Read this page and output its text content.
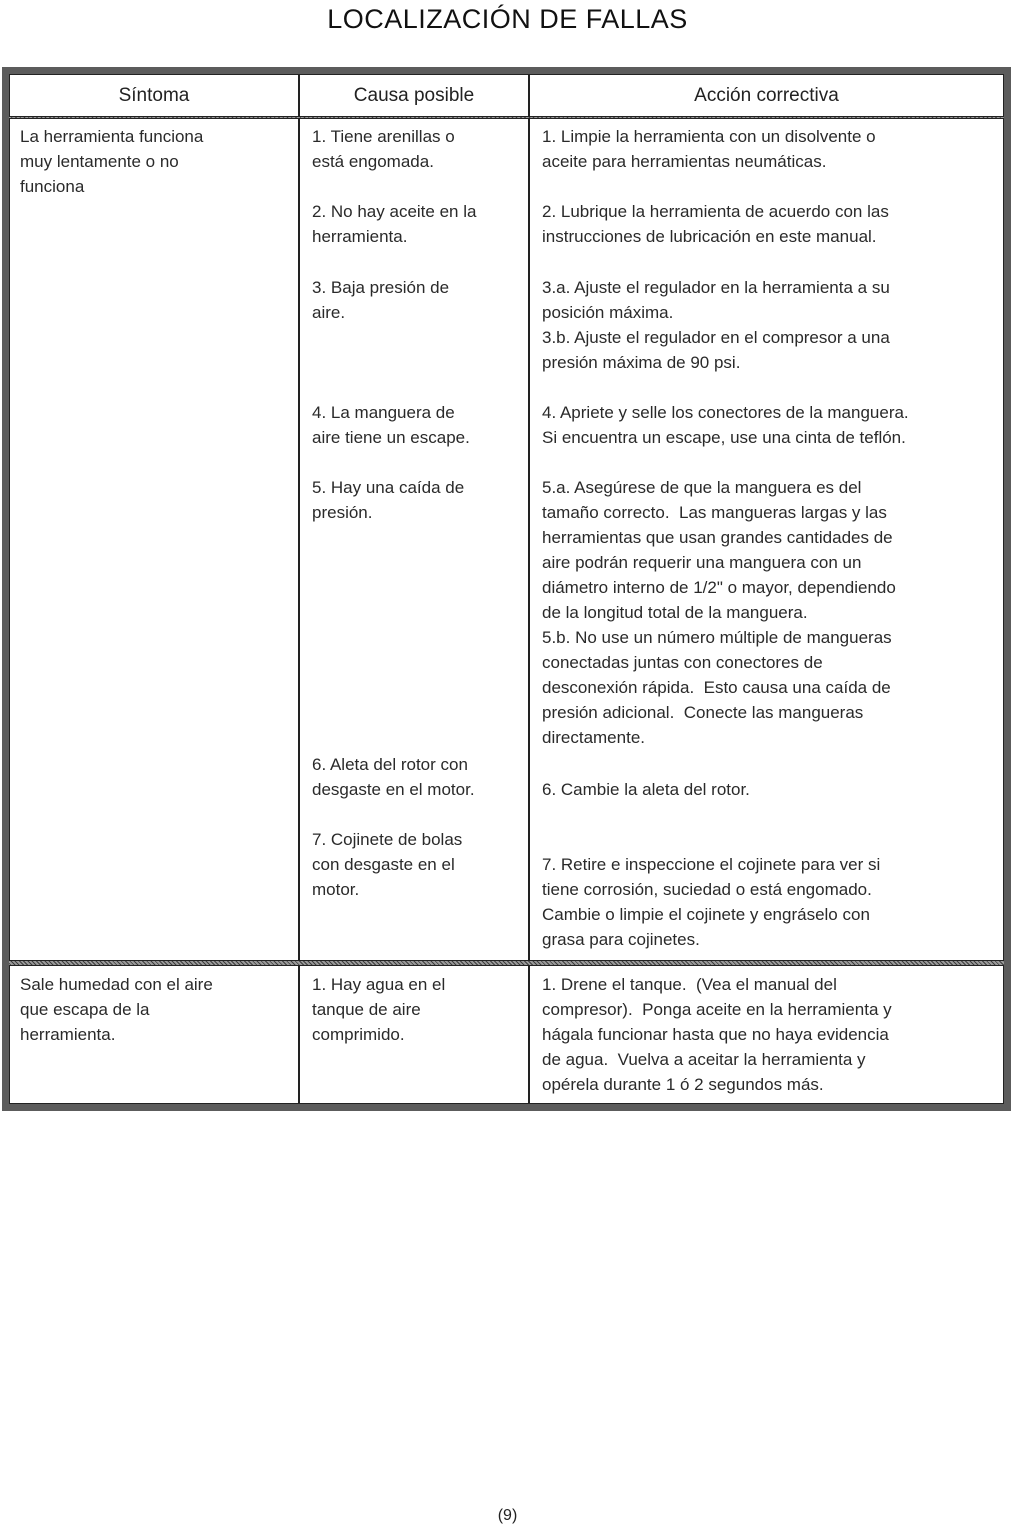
LOCALIZACIÓN DE FALLAS
Síntoma	Causa posible	Acción correctiva

La herramienta funciona
muy lentamente o no
funciona

1. Tiene arenillas o
está engomada.

2. No hay aceite en la
herramienta.

3. Baja presión de
aire.

4. La manguera de
aire tiene un escape.

5. Hay una caída de
presión.

6. Aleta del rotor con
desgaste en el motor.

7. Cojinete de bolas
con desgaste en el
motor.

1. Limpie la herramienta con un disolvente o
aceite para herramientas neumáticas.

2. Lubrique la herramienta de acuerdo con las
instrucciones de lubricación en este manual.

3.a. Ajuste el regulador en la herramienta a su
posición máxima.
3.b. Ajuste el regulador en el compresor a una
presión máxima de 90 psi.

4. Apriete y selle los conectores de la manguera.
Si encuentra un escape, use una cinta de teflón.

5.a. Asegúrese de que la manguera es del
tamaño correcto.  Las mangueras largas y las
herramientas que usan grandes cantidades de
aire podrán requerir una manguera con un
diámetro interno de 1/2" o mayor, dependiendo
de la longitud total de la manguera.
5.b. No use un número múltiple de mangueras
conectadas juntas con conectores de
desconexión rápida.  Esto causa una caída de
presión adicional.  Conecte las mangueras
directamente.

6. Cambie la aleta del rotor.

7. Retire e inspeccione el cojinete para ver si
tiene corrosión, suciedad o está engomado.
Cambie o limpie el cojinete y engráselo con
grasa para cojinetes.

Sale humedad con el aire
que escapa de la
herramienta.

1. Hay agua en el
tanque de aire
comprimido.

1. Drene el tanque.  (Vea el manual del
compresor).  Ponga aceite en la herramienta y
hágala funcionar hasta que no haya evidencia
de agua.  Vuelva a aceitar la herramienta y
opérela durante 1 ó 2 segundos más.

(9)
